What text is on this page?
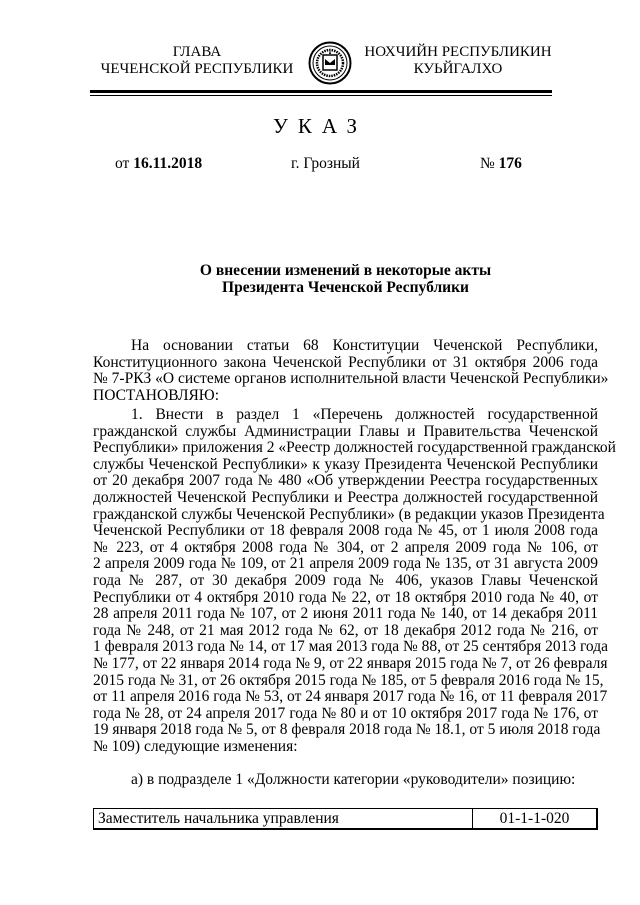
ГЛАВА
ЧЕЧЕНСКОЙ РЕСПУБЛИКИ
НОХЧИЙН РЕСПУБЛИКИН
КУЬЙГАЛХО
УКАЗ
от 16.11.2018	г. Грозный	№ 176
О внесении изменений в некоторые акты
Президента Чеченской Республики
На основании статьи 68 Конституции Чеченской Республики,
Конституционного закона Чеченской Республики от 31 октября 2006 года
№ 7-РКЗ «О системе органов исполнительной власти Чеченской Республики»
ПОСТАНОВЛЯЮ:
1. Внести в раздел 1 «Перечень должностей государственной
гражданской службы Администрации Главы и Правительства Чеченской
Республики» приложения 2 «Реестр должностей государственной гражданской
службы Чеченской Республики» к указу Президента Чеченской Республики
от 20 декабря 2007 года № 480 «Об утверждении Реестра государственных
должностей Чеченской Республики и Реестра должностей государственной
гражданской службы Чеченской Республики» (в редакции указов Президента
Чеченской Республики от 18 февраля 2008 года № 45, от 1 июля 2008 года
№ 223, от 4 октября 2008 года № 304, от 2 апреля 2009 года № 106, от
2 апреля 2009 года № 109, от 21 апреля 2009 года № 135, от 31 августа 2009
года № 287, от 30 декабря 2009 года № 406, указов Главы Чеченской
Республики от 4 октября 2010 года № 22, от 18 октября 2010 года № 40, от
28 апреля 2011 года № 107, от 2 июня 2011 года № 140, от 14 декабря 2011
года № 248, от 21 мая 2012 года № 62, от 18 декабря 2012 года № 216, от
1 февраля 2013 года № 14, от 17 мая 2013 года № 88, от 25 сентября 2013 года
№ 177, от 22 января 2014 года № 9, от 22 января 2015 года № 7, от 26 февраля
2015 года № 31, от 26 октября 2015 года № 185, от 5 февраля 2016 года № 15,
от 11 апреля 2016 года № 53, от 24 января 2017 года № 16, от 11 февраля 2017
года № 28, от 24 апреля 2017 года № 80 и от 10 октября 2017 года № 176, от
19 января 2018 года № 5, от 8 февраля 2018 года № 18.1, от 5 июля 2018 года
№ 109) следующие изменения:
а) в подразделе 1 «Должности категории «руководители» позицию:
Заместитель начальника управления	01-1-1-020
